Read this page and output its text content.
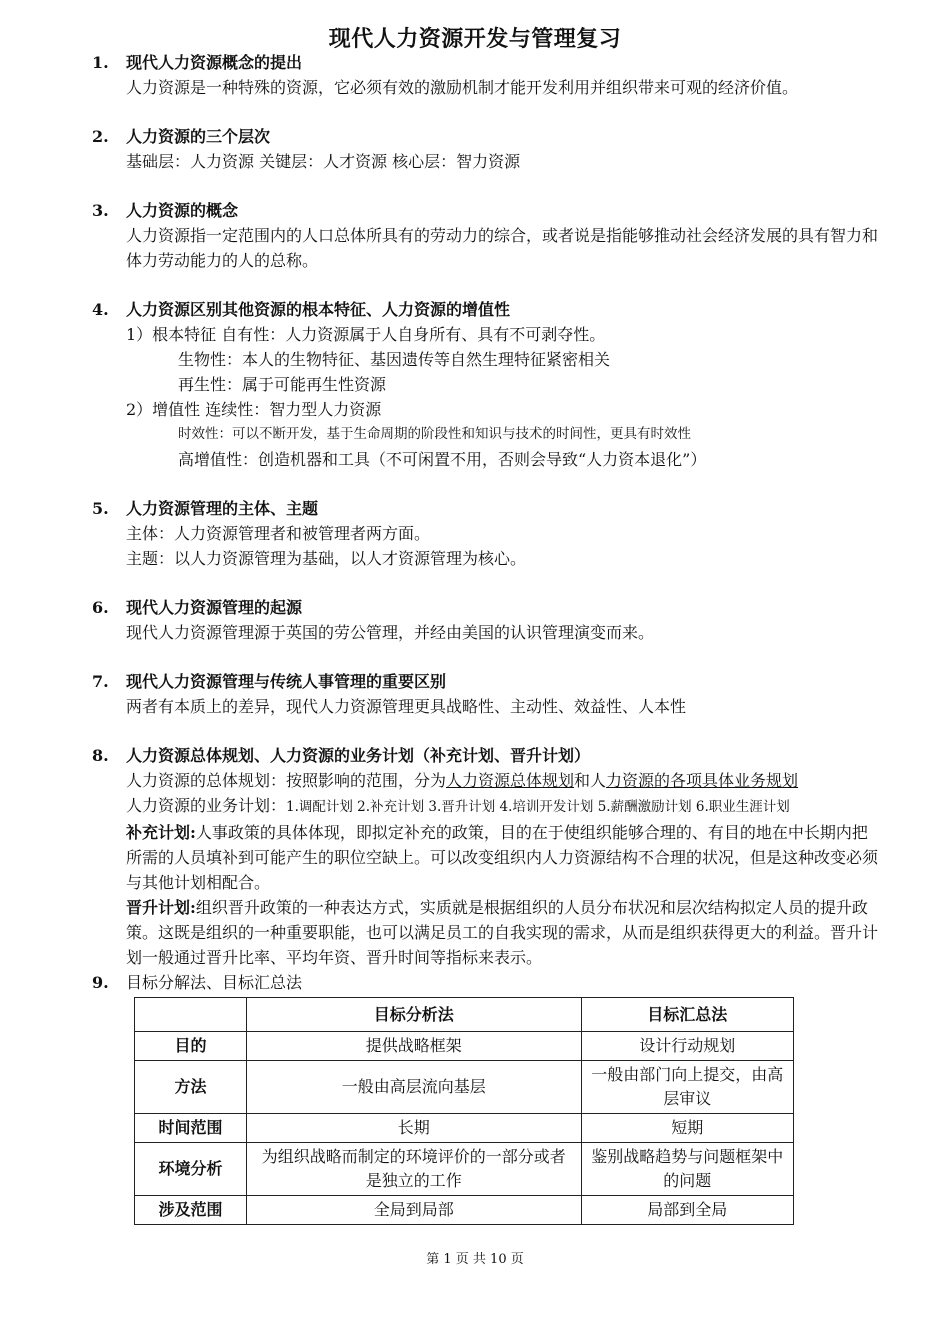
现代人力资源开发与管理复习
1.	现代人力资源概念的提出
人力资源是一种特殊的资源，它必须有效的激励机制才能开发利用并组织带来可观的经济价值。
2.	人力资源的三个层次
基础层：人力资源 关键层：人才资源 核心层：智力资源
3.	人力资源的概念
人力资源指一定范围内的人口总体所具有的劳动力的综合，或者说是指能够推动社会经济发展的具有智力和体力劳动能力的人的总称。
4.	人力资源区别其他资源的根本特征、人力资源的增值性
1）根本特征 自有性：人力资源属于人自身所有、具有不可剥夺性。
生物性：本人的生物特征、基因遗传等自然生理特征紧密相关
再生性：属于可能再生性资源
2）增值性 连续性：智力型人力资源
时效性：可以不断开发，基于生命周期的阶段性和知识与技术的时间性，更具有时效性
高增值性：创造机器和工具（不可闲置不用，否则会导致“人力资本退化”）
5.	人力资源管理的主体、主题
主体：人力资源管理者和被管理者两方面。
主题：以人力资源管理为基础，以人才资源管理为核心。
6.	现代人力资源管理的起源
现代人力资源管理源于英国的劳公管理，并经由美国的认识管理演变而来。
7.	现代人力资源管理与传统人事管理的重要区别
两者有本质上的差异，现代人力资源管理更具战略性、主动性、效益性、人本性
8.	人力资源总体规划、人力资源的业务计划（补充计划、晋升计划）
人力资源的总体规划：按照影响的范围，分为人力资源总体规划和人力资源的各项具体业务规划
人力资源的业务计划：1.调配计划 2.补充计划 3.晋升计划 4.培训开发计划 5.薪酬激励计划 6.职业生涯计划
补充计划:人事政策的具体体现，即拟定补充的政策，目的在于使组织能够合理的、有目的地在中长期内把所需的人员填补到可能产生的职位空缺上。可以改变组织内人力资源结构不合理的状况，但是这种改变必须与其他计划相配合。
晋升计划:组织晋升政策的一种表达方式，实质就是根据组织的人员分布状况和层次结构拟定人员的提升政策。这既是组织的一种重要职能，也可以满足员工的自我实现的需求，从而是组织获得更大的利益。晋升计划一般通过晋升比率、平均年资、晋升时间等指标来表示。
9.	目标分解法、目标汇总法
	目标分析法	目标汇总法
目的	提供战略框架	设计行动规划
方法	一般由高层流向基层	一般由部门向上提交，由高层审议
时间范围	长期	短期
环境分析	为组织战略而制定的环境评价的一部分或者是独立的工作	鉴别战略趋势与问题框架中的问题
涉及范围	全局到局部	局部到全局
第 1 页 共 10 页
